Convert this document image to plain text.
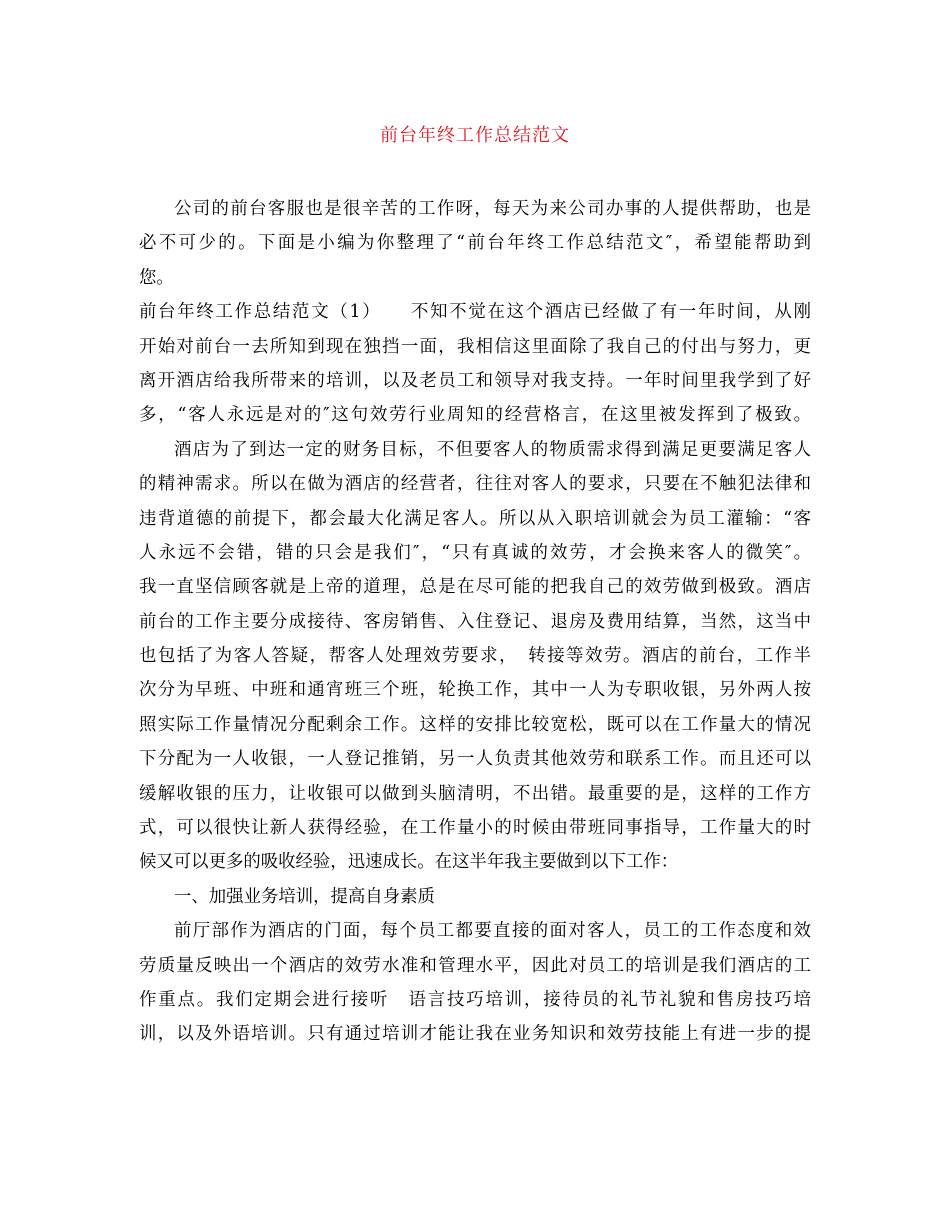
前台年终工作总结范文
公司的前台客服也是很辛苦的工作呀，每天为来公司办事的人提供帮助，也是
必不可少的。下面是小编为你整理了“前台年终工作总结范文″，希望能帮助到
您。
前台年终工作总结范文（1）　　不知不觉在这个酒店已经做了有一年时间，从刚
开始对前台一去所知到现在独挡一面，我相信这里面除了我自己的付出与努力，更
离开酒店给我所带来的培训，以及老员工和领导对我支持。一年时间里我学到了好
多，“客人永远是对的″这句效劳行业周知的经营格言，在这里被发挥到了极致。
酒店为了到达一定的财务目标，不但要客人的物质需求得到满足更要满足客人
的精神需求。所以在做为酒店的经营者，往往对客人的要求，只要在不触犯法律和
违背道德的前提下，都会最大化满足客人。所以从入职培训就会为员工灌输：“客
人永远不会错，错的只会是我们″，“只有真诚的效劳，才会换来客人的微笑″。
我一直坚信顾客就是上帝的道理，总是在尽可能的把我自己的效劳做到极致。酒店
前台的工作主要分成接待、客房销售、入住登记、退房及费用结算，当然，这当中
也包括了为客人答疑，帮客人处理效劳要求，　转接等效劳。酒店的前台，工作半
次分为早班、中班和通宵班三个班，轮换工作，其中一人为专职收银，另外两人按
照实际工作量情况分配剩余工作。这样的安排比较宽松，既可以在工作量大的情况
下分配为一人收银，一人登记推销，另一人负责其他效劳和联系工作。而且还可以
缓解收银的压力，让收银可以做到头脑清明，不出错。最重要的是，这样的工作方
式，可以很快让新人获得经验，在工作量小的时候由带班同事指导，工作量大的时
候又可以更多的吸收经验，迅速成长。在这半年我主要做到以下工作：
一、加强业务培训，提高自身素质
前厅部作为酒店的门面，每个员工都要直接的面对客人，员工的工作态度和效
劳质量反映出一个酒店的效劳水准和管理水平，因此对员工的培训是我们酒店的工
作重点。我们定期会进行接听　语言技巧培训，接待员的礼节礼貌和售房技巧培
训，以及外语培训。只有通过培训才能让我在业务知识和效劳技能上有进一步的提
